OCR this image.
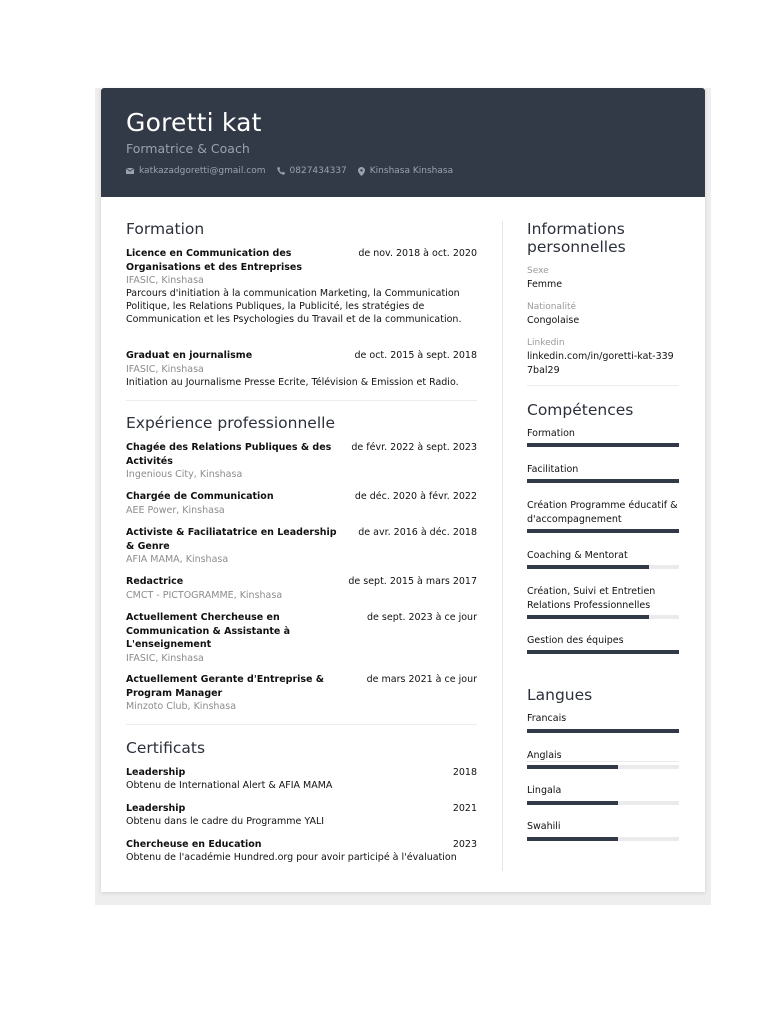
Goretti kat
Formatrice & Coach
katkazadgoretti@gmail.com	0827434337	Kinshasa Kinshasa
Formation
Licence en Communication des Organisations et des Entreprises
de nov. 2018 à oct. 2020
IFASIC, Kinshasa
Parcours d'initiation à la communication Marketing, la Communication Politique, les Relations Publiques, la Publicité, les stratégies de Communication et les Psychologies du Travail et de la communication.
Graduat en journalisme	de oct. 2015 à sept. 2018
IFASIC, Kinshasa
Initiation au Journalisme Presse Ecrite, Télévision & Emission et Radio.
Expérience professionnelle
Chagée des Relations Publiques & des Activités
de févr. 2022 à sept. 2023
Ingenious City, Kinshasa
Chargée de Communication	de déc. 2020 à févr. 2022
AEE Power, Kinshasa
Activiste & Faciliatatrice en Leadership & Genre
de avr. 2016 à déc. 2018
AFIA MAMA, Kinshasa
Redactrice	de sept. 2015 à mars 2017
CMCT - PICTOGRAMME, Kinshasa
Actuellement Chercheuse en Communication & Assistante à L'enseignement
de sept. 2023 à ce jour
IFASIC, Kinshasa
Actuellement Gerante d'Entreprise & Program Manager
de mars 2021 à ce jour
Minzoto Club, Kinshasa
Certificats
Leadership	2018
Obtenu de International Alert & AFIA MAMA
Leadership	2021
Obtenu dans le cadre du Programme YALI
Chercheuse en Education	2023
Obtenu de l'académie Hundred.org pour avoir participé à l'évaluation
Informations personnelles
Sexe
Femme
Nationalité
Congolaise
Linkedin
linkedin.com/in/goretti-kat-3397bal29
Compétences
Formation
Facilitation
Création Programme éducatif & d'accompagnement
Coaching & Mentorat
Création, Suivi et Entretien Relations Professionnelles
Gestion des équipes
Langues
Francais
Anglais
Lingala
Swahili
